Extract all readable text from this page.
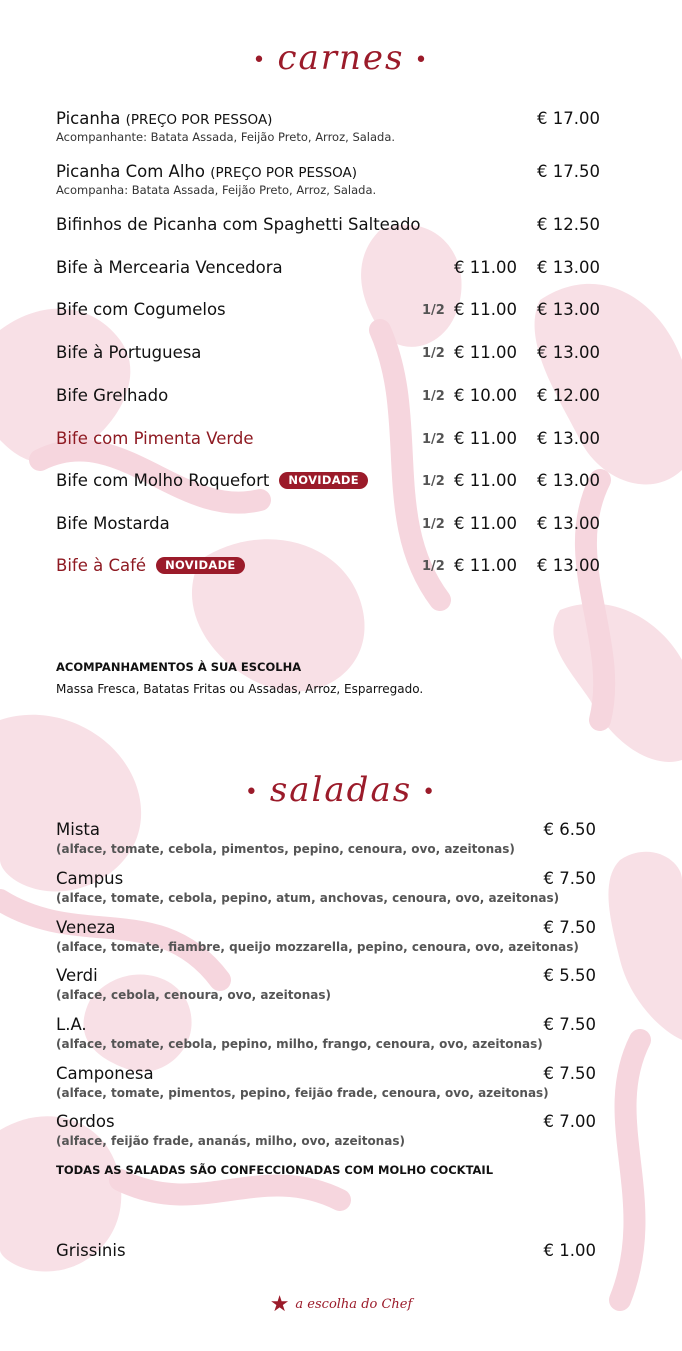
• carnes •
Picanha (PREÇO POR PESSOA)
Acompanhante: Batata Assada, Feijão Preto, Arroz, Salada.
€ 17.00
Picanha Com Alho (PREÇO POR PESSOA)
Acompanha: Batata Assada, Feijão Preto, Arroz, Salada.
€ 17.50
Bifinhos de Picanha com Spaghetti Salteado	€ 12.50
Bife à Mercearia Vencedora	€ 11.00 € 13.00
Bife com Cogumelos	1/2 € 11.00 € 13.00
Bife à Portuguesa	1/2 € 11.00 € 13.00
Bife Grelhado	1/2 € 10.00 € 12.00
Bife com Pimenta Verde	1/2 € 11.00 € 13.00
Bife com Molho Roquefort NOVIDADE	1/2 € 11.00 € 13.00
Bife Mostarda	1/2 € 11.00 € 13.00
Bife à Café NOVIDADE	1/2 € 11.00 € 13.00
ACOMPANHAMENTOS À SUA ESCOLHA
Massa Fresca, Batatas Fritas ou Assadas, Arroz, Esparregado.
• saladas •
Mista
(alface, tomate, cebola, pimentos, pepino, cenoura, ovo, azeitonas)
€ 6.50
Campus
(alface, tomate, cebola, pepino, atum, anchovas, cenoura, ovo, azeitonas)
€ 7.50
Veneza
(alface, tomate, fiambre, queijo mozzarella, pepino, cenoura, ovo, azeitonas)
€ 7.50
Verdi
(alface, cebola, cenoura, ovo, azeitonas)
€ 5.50
L.A.
(alface, tomate, cebola, pepino, milho, frango, cenoura, ovo, azeitonas)
€ 7.50
Camponesa
(alface, tomate, pimentos, pepino, feijão frade, cenoura, ovo, azeitonas)
€ 7.50
Gordos
(alface, feijão frade, ananás, milho, ovo, azeitonas)
€ 7.00
TODAS AS SALADAS SÃO CONFECCIONADAS COM MOLHO COCKTAIL
Grissinis	€ 1.00
★ a escolha do Chef
